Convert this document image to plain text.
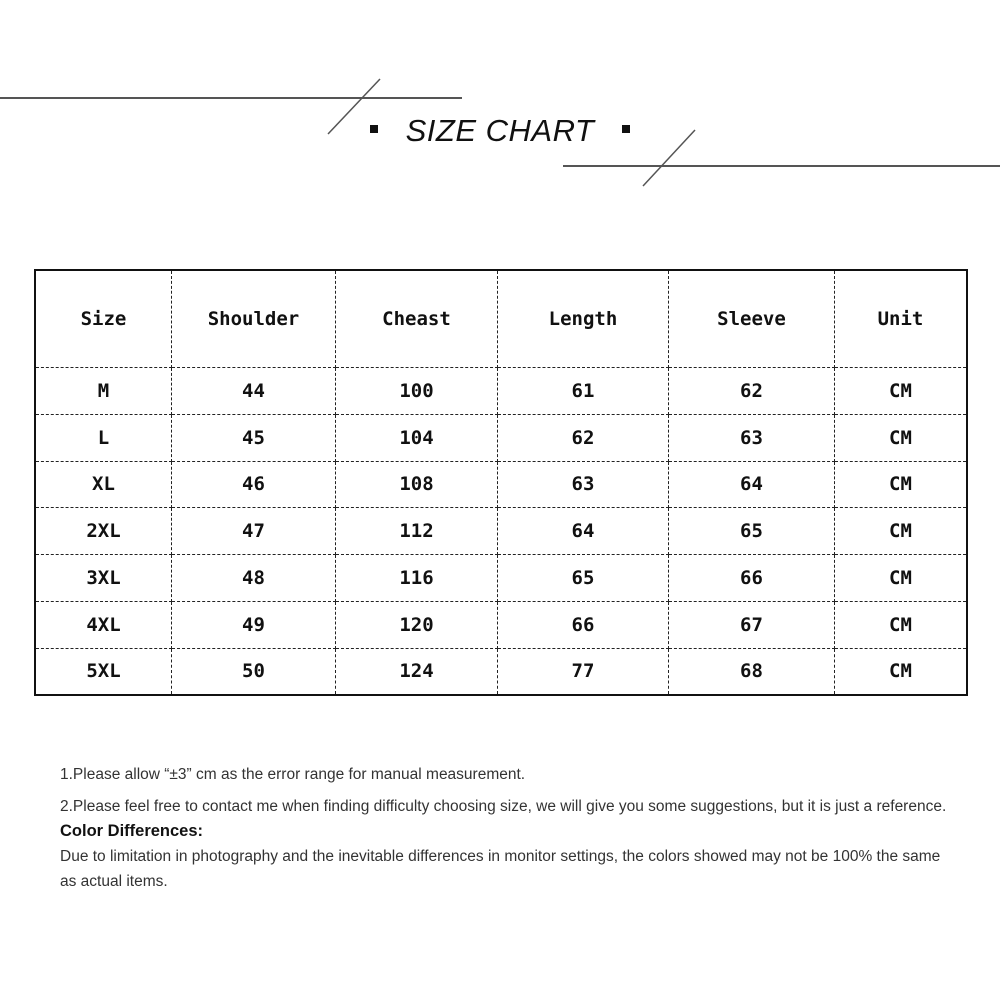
SIZE CHART
Size	Shoulder	Cheast	Length	Sleeve	Unit
M	44	100	61	62	CM
L	45	104	62	63	CM
XL	46	108	63	64	CM
2XL	47	112	64	65	CM
3XL	48	116	65	66	CM
4XL	49	120	66	67	CM
5XL	50	124	77	68	CM

1.Please allow “±3” cm as the error range for manual measurement.

2.Please feel free to contact me when finding difficulty choosing size, we will give you some suggestions, but it is just a reference.

Color Differences:

Due to limitation in photography and the inevitable differences in monitor settings, the colors showed may not be 100% the same as actual items.
